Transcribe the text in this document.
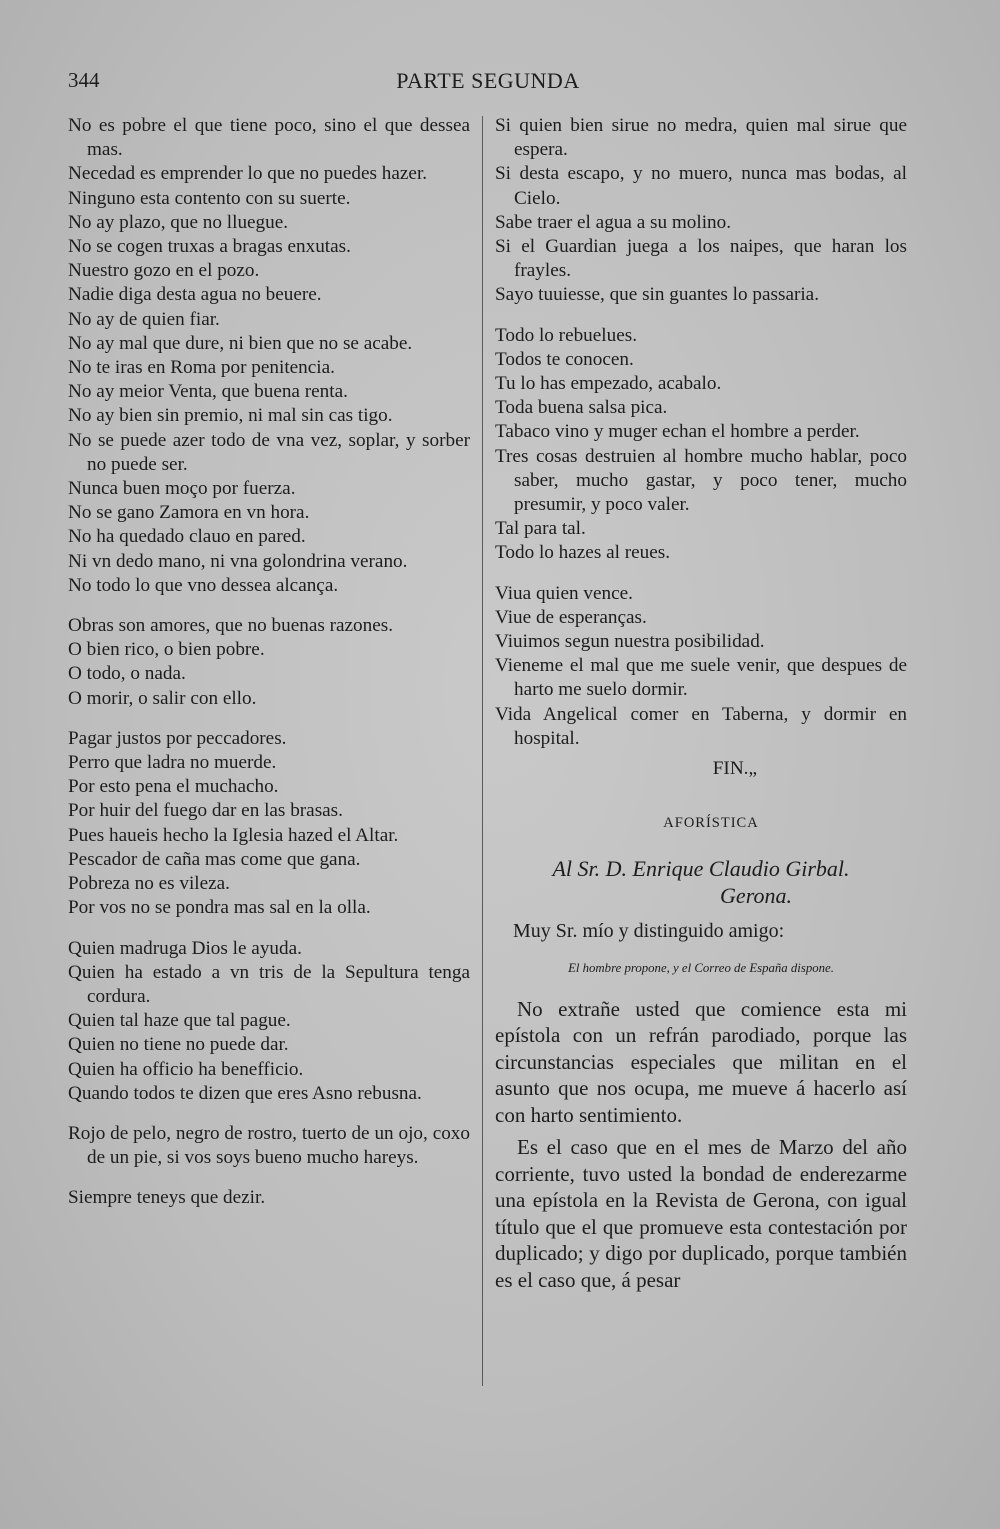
344	PARTE SEGUNDA

No es pobre el que tiene poco, sino el que dessea mas.

Necedad es emprender lo que no puedes hazer.

Ninguno esta contento con su suerte.

No ay plazo, que no lluegue.

No se cogen truxas a bragas enxutas.

Nuestro gozo en el pozo.

Nadie diga desta agua no beuere.

No ay de quien fiar.

No ay mal que dure, ni bien que no se acabe.

No te iras en Roma por penitencia.

No ay meior Venta, que buena renta.

No ay bien sin premio, ni mal sin cas tigo.

No se puede azer todo de vna vez, soplar, y sorber no puede ser.

Nunca buen moço por fuerza.

No se gano Zamora en vn hora.

No ha quedado clauo en pared.

Ni vn dedo mano, ni vna golondrina verano.

No todo lo que vno dessea alcança.

Obras son amores, que no buenas razones.

O bien rico, o bien pobre.

O todo, o nada.

O morir, o salir con ello.

Pagar justos por peccadores.

Perro que ladra no muerde.

Por esto pena el muchacho.

Por huir del fuego dar en las brasas.

Pues haueis hecho la Iglesia hazed el Altar.

Pescador de caña mas come que gana.

Pobreza no es vileza.

Por vos no se pondra mas sal en la olla.

Quien madruga Dios le ayuda.

Quien ha estado a vn tris de la Sepultura tenga cordura.

Quien tal haze que tal pague.

Quien no tiene no puede dar.

Quien ha officio ha benefficio.

Quando todos te dizen que eres Asno rebusna.

Rojo de pelo, negro de rostro, tuerto de un ojo, coxo de un pie, si vos soys bueno mucho hareys.

Siempre teneys que dezir.

Si quien bien sirue no medra, quien mal sirue que espera.

Si desta escapo, y no muero, nunca mas bodas, al Cielo.

Sabe traer el agua a su molino.

Si el Guardian juega a los naipes, que haran los frayles.

Sayo tuuiesse, que sin guantes lo passaria.

Todo lo rebuelues.

Todos te conocen.

Tu lo has empezado, acabalo.

Toda buena salsa pica.

Tabaco vino y muger echan el hombre a perder.

Tres cosas destruien al hombre mucho hablar, poco saber, mucho gastar, y poco tener, mucho presumir, y poco valer.

Tal para tal.

Todo lo hazes al reues.

Viua quien vence.

Viue de esperanças.

Viuimos segun nuestra posibilidad.

Vieneme el mal que me suele venir, que despues de harto me suelo dormir.

Vida Angelical comer en Taberna, y dormir en hospital.

FIN.„

AFORÍSTICA

Al Sr. D. Enrique Claudio Girbal.
Gerona.

Muy Sr. mío y distinguido amigo:

El hombre propone, y el Correo de España dispone.

No extrañe usted que comience esta mi epístola con un refrán parodiado, porque las circunstancias especiales que militan en el asunto que nos ocupa, me mueve á hacerlo así con harto sentimiento.

Es el caso que en el mes de Marzo del año corriente, tuvo usted la bondad de enderezarme una epístola en la Revista de Gerona, con igual título que el que promueve esta contestación por duplicado; y digo por duplicado, porque también es el caso que, á pesar
